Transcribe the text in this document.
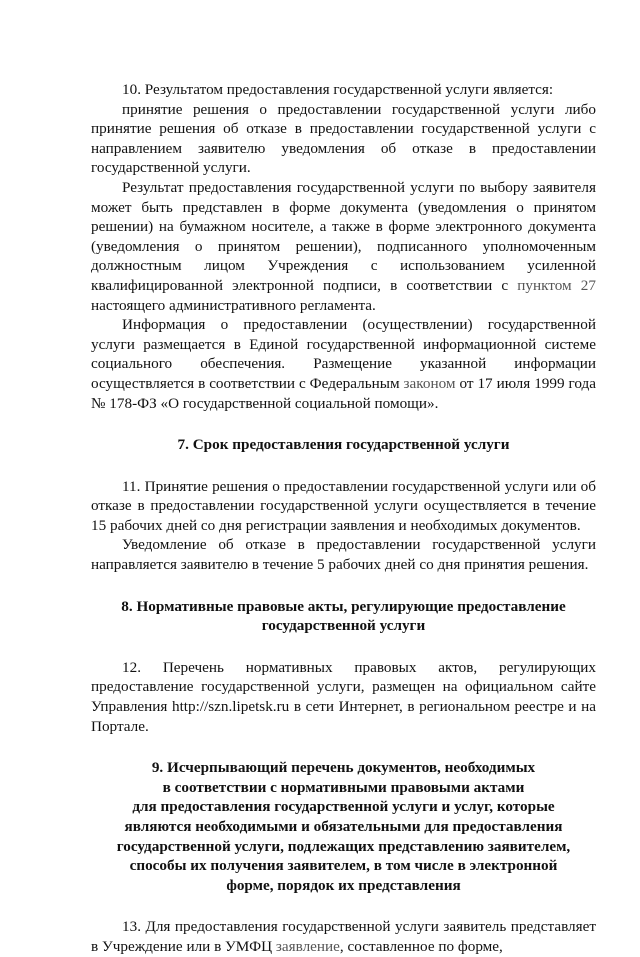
10. Результатом предоставления государственной услуги является:

принятие решения о предоставлении государственной услуги либо принятие решения об отказе в предоставлении государственной услуги с направлением заявителю уведомления об отказе в предоставлении государственной услуги.

Результат предоставления государственной услуги по выбору заявителя может быть представлен в форме документа (уведомления о принятом решении) на бумажном носителе, а также в форме электронного документа (уведомления о принятом решении), подписанного уполномоченным должностным лицом Учреждения с использованием усиленной квалифицированной электронной подписи, в соответствии с пунктом 27 настоящего административного регламента.

Информация о предоставлении (осуществлении) государственной услуги размещается в Единой государственной информационной системе социального обеспечения. Размещение указанной информации осуществляется в соответствии с Федеральным законом от 17 июля 1999 года № 178-ФЗ «О государственной социальной помощи».

7. Срок предоставления государственной услуги

11. Принятие решения о предоставлении государственной услуги или об отказе в предоставлении государственной услуги осуществляется в течение 15 рабочих дней со дня регистрации заявления и необходимых документов.

Уведомление об отказе в предоставлении государственной услуги направляется заявителю в течение 5 рабочих дней со дня принятия решения.

8. Нормативные правовые акты, регулирующие предоставление
государственной услуги

12. Перечень нормативных правовых актов, регулирующих предоставление государственной услуги, размещен на официальном сайте Управления http://szn.lipetsk.ru в сети Интернет, в региональном реестре и на Портале.

9. Исчерпывающий перечень документов, необходимых
в соответствии с нормативными правовыми актами
для предоставления государственной услуги и услуг, которые
являются необходимыми и обязательными для предоставления
государственной услуги, подлежащих представлению заявителем,
способы их получения заявителем, в том числе в электронной
форме, порядок их представления

13. Для предоставления государственной услуги заявитель представляет в Учреждение или в УМФЦ заявление, составленное по форме,
